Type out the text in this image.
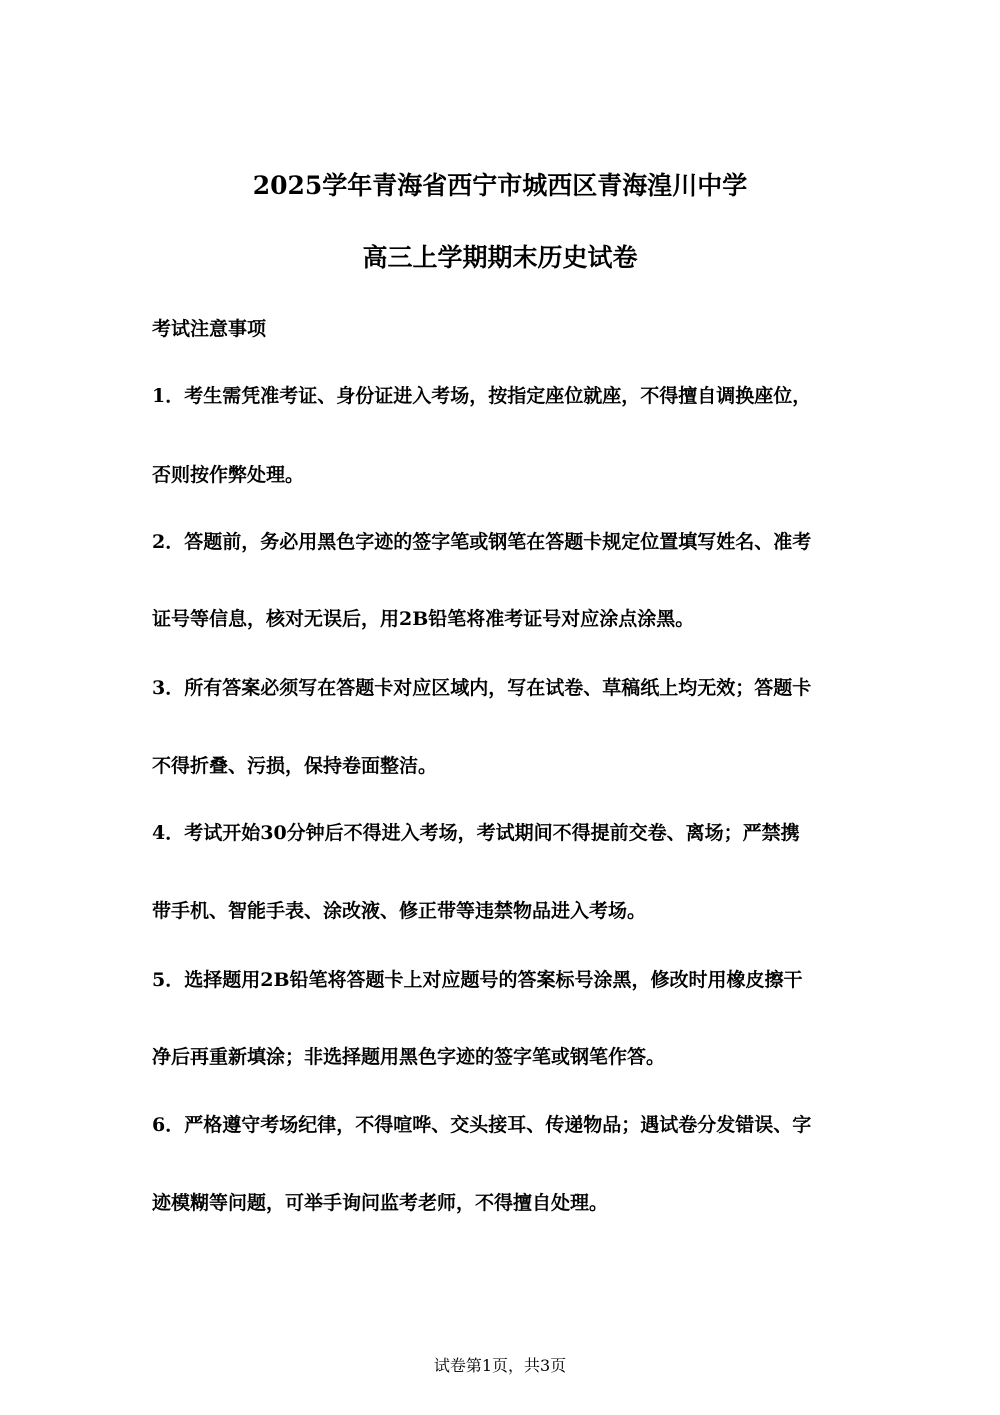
2025学年青海省西宁市城西区青海湟川中学
高三上学期期末历史试卷
考试注意事项
1．考生需凭准考证、身份证进入考场，按指定座位就座，不得擅自调换座位，
否则按作弊处理。
2．答题前，务必用黑色字迹的签字笔或钢笔在答题卡规定位置填写姓名、准考
证号等信息，核对无误后，用2B铅笔将准考证号对应涂点涂黑。
3．所有答案必须写在答题卡对应区域内，写在试卷、草稿纸上均无效；答题卡
不得折叠、污损，保持卷面整洁。
4．考试开始30分钟后不得进入考场，考试期间不得提前交卷、离场；严禁携
带手机、智能手表、涂改液、修正带等违禁物品进入考场。
5．选择题用2B铅笔将答题卡上对应题号的答案标号涂黑，修改时用橡皮擦干
净后再重新填涂；非选择题用黑色字迹的签字笔或钢笔作答。
6．严格遵守考场纪律，不得喧哗、交头接耳、传递物品；遇试卷分发错误、字
迹模糊等问题，可举手询问监考老师，不得擅自处理。
试卷第1页，共3页
